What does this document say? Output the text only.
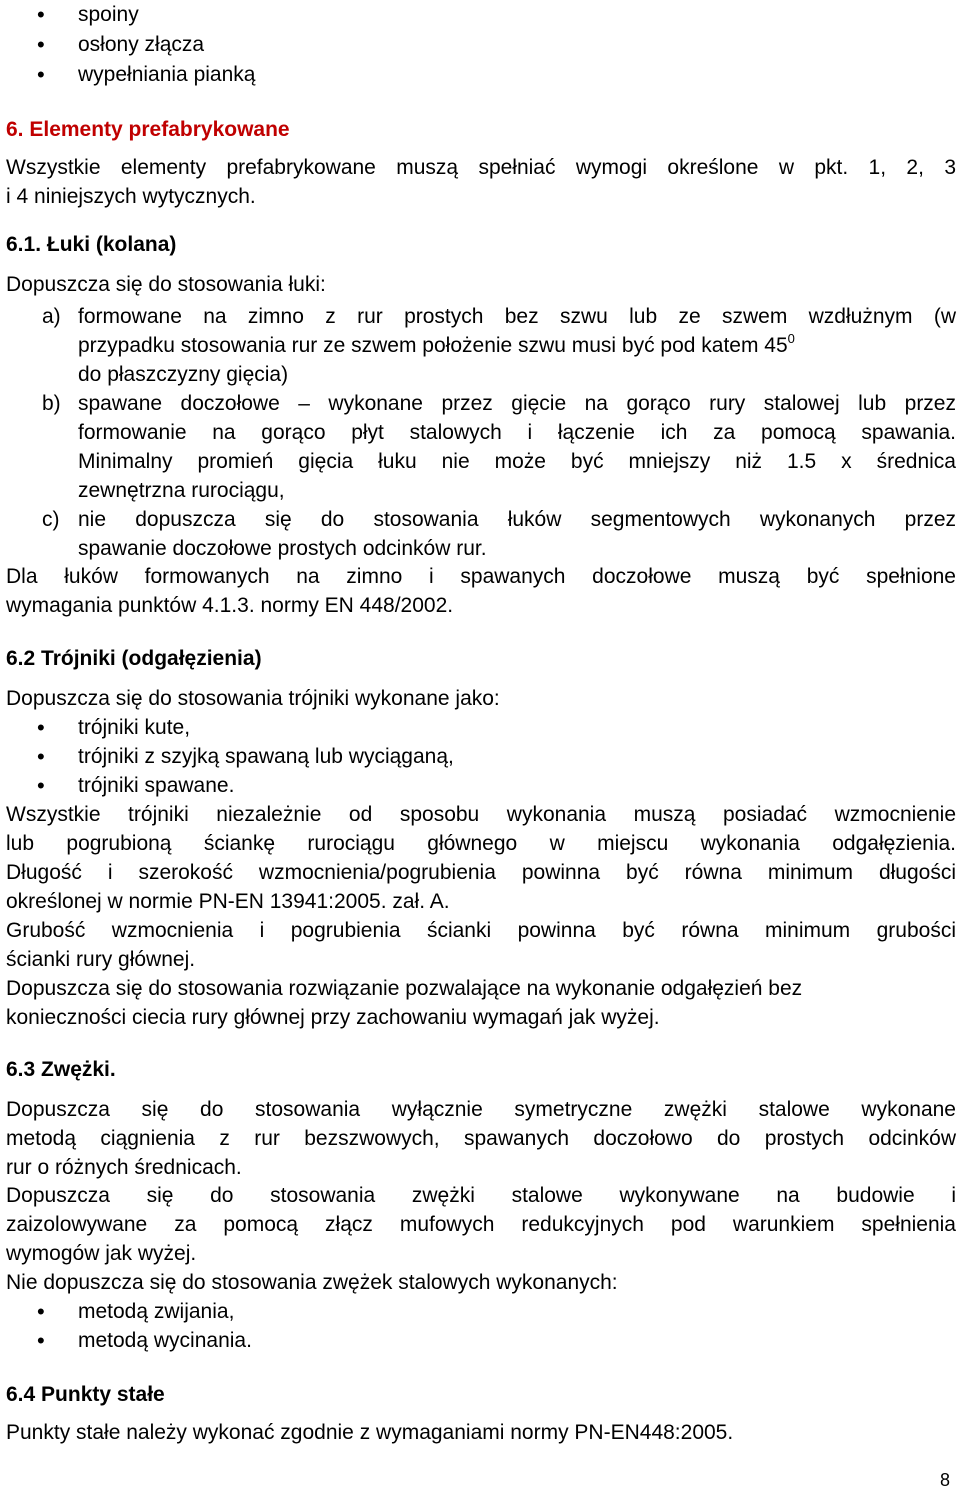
• spoiny
• osłony złącza
• wypełniania pianką
6. Elementy prefabrykowane
Wszystkie elementy prefabrykowane muszą spełniać wymogi określone w pkt. 1, 2, 3
i 4 niniejszych wytycznych.
6.1. Łuki (kolana)
Dopuszcza się do stosowania łuki:
a) formowane na zimno z rur prostych bez szwu lub ze szwem wzdłużnym (w
przypadku stosowania rur ze szwem położenie szwu musi być pod katem $45^0$
do płaszczyzny gięcia)
b) spawane doczołowe – wykonane przez gięcie na gorąco rury stalowej lub przez
formowanie na gorąco płyt stalowych i łączenie ich za pomocą spawania.
Minimalny promień gięcia łuku nie może być mniejszy niż 1.5 x średnica
zewnętrzna rurociągu,
c) nie dopuszcza się do stosowania łuków segmentowych wykonanych przez
spawanie doczołowe prostych odcinków rur.
Dla łuków formowanych na zimno i spawanych doczołowe muszą być spełnione
wymagania punktów 4.1.3. normy EN 448/2002.
6.2 Trójniki (odgałęzienia)
Dopuszcza się do stosowania trójniki wykonane jako:
• trójniki kute,
• trójniki z szyjką spawaną lub wyciąganą,
• trójniki spawane.
Wszystkie trójniki niezależnie od sposobu wykonania muszą posiadać wzmocnienie
lub pogrubioną ściankę rurociągu głównego w miejscu wykonania odgałęzienia.
Długość i szerokość wzmocnienia/pogrubienia powinna być równa minimum długości
określonej w normie PN-EN 13941:2005. zał. A.
Grubość wzmocnienia i pogrubienia ścianki powinna być równa minimum grubości
ścianki rury głównej.
Dopuszcza się do stosowania rozwiązanie pozwalające na wykonanie odgałęzień bez
konieczności ciecia rury głównej przy zachowaniu wymagań jak wyżej.
6.3 Zwężki.
Dopuszcza się do stosowania wyłącznie symetryczne zwężki stalowe wykonane
metodą ciągnienia z rur bezszwowych, spawanych doczołowo do prostych odcinków
rur o różnych średnicach.
Dopuszcza się do stosowania zwężki stalowe wykonywane na budowie i
zaizolowywane za pomocą złącz mufowych redukcyjnych pod warunkiem spełnienia
wymogów jak wyżej.
Nie dopuszcza się do stosowania zwężek stalowych wykonanych:
• metodą zwijania,
• metodą wycinania.
6.4 Punkty stałe
Punkty stałe należy wykonać zgodnie z wymaganiami normy PN-EN448:2005.
8
